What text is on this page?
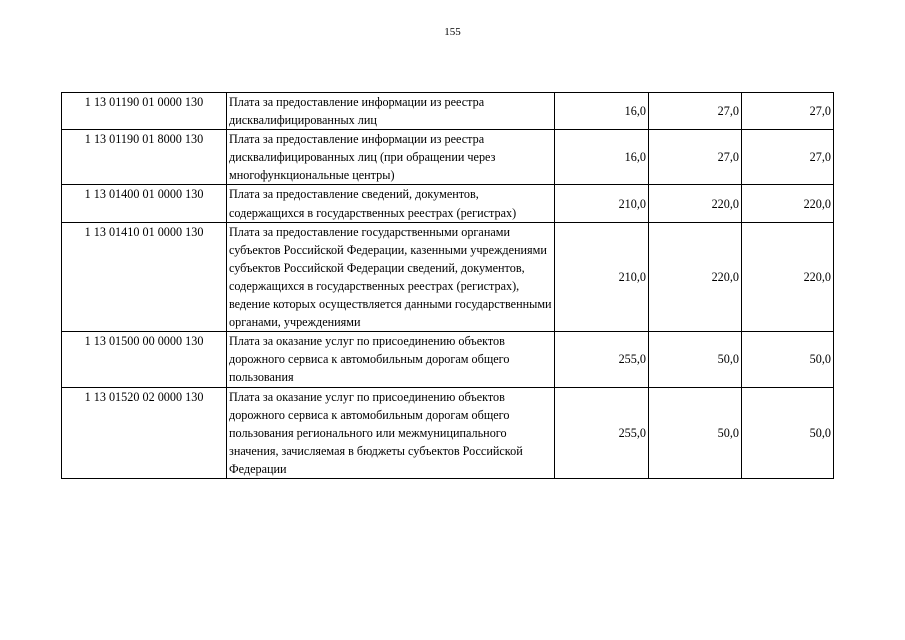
155
1 13 01190 01 0000 130	Плата за предоставление информации из реестра дисквалифицированных лиц	16,0	27,0	27,0
1 13 01190 01 8000 130	Плата за предоставление информации из реестра дисквалифицированных лиц (при обращении через многофункциональные центры)	16,0	27,0	27,0
1 13 01400 01 0000 130	Плата за предоставление сведений, документов, содержащихся в государственных реестрах (регистрах)	210,0	220,0	220,0
1 13 01410 01 0000 130	Плата за предоставление государственными органами субъектов Российской Федерации, казенными учреждениями субъектов Российской Федерации сведений, документов, содержащихся в государственных реестрах (регистрах), ведение которых осуществляется данными государственными органами, учреждениями	210,0	220,0	220,0
1 13 01500 00 0000 130	Плата за оказание услуг по присоединению объектов дорожного сервиса к автомобильным дорогам общего пользования	255,0	50,0	50,0
1 13 01520 02 0000 130	Плата за оказание услуг по присоединению объектов дорожного сервиса к автомобильным дорогам общего пользования регионального или межмуниципального значения, зачисляемая в бюджеты субъектов Российской Федерации	255,0	50,0	50,0
